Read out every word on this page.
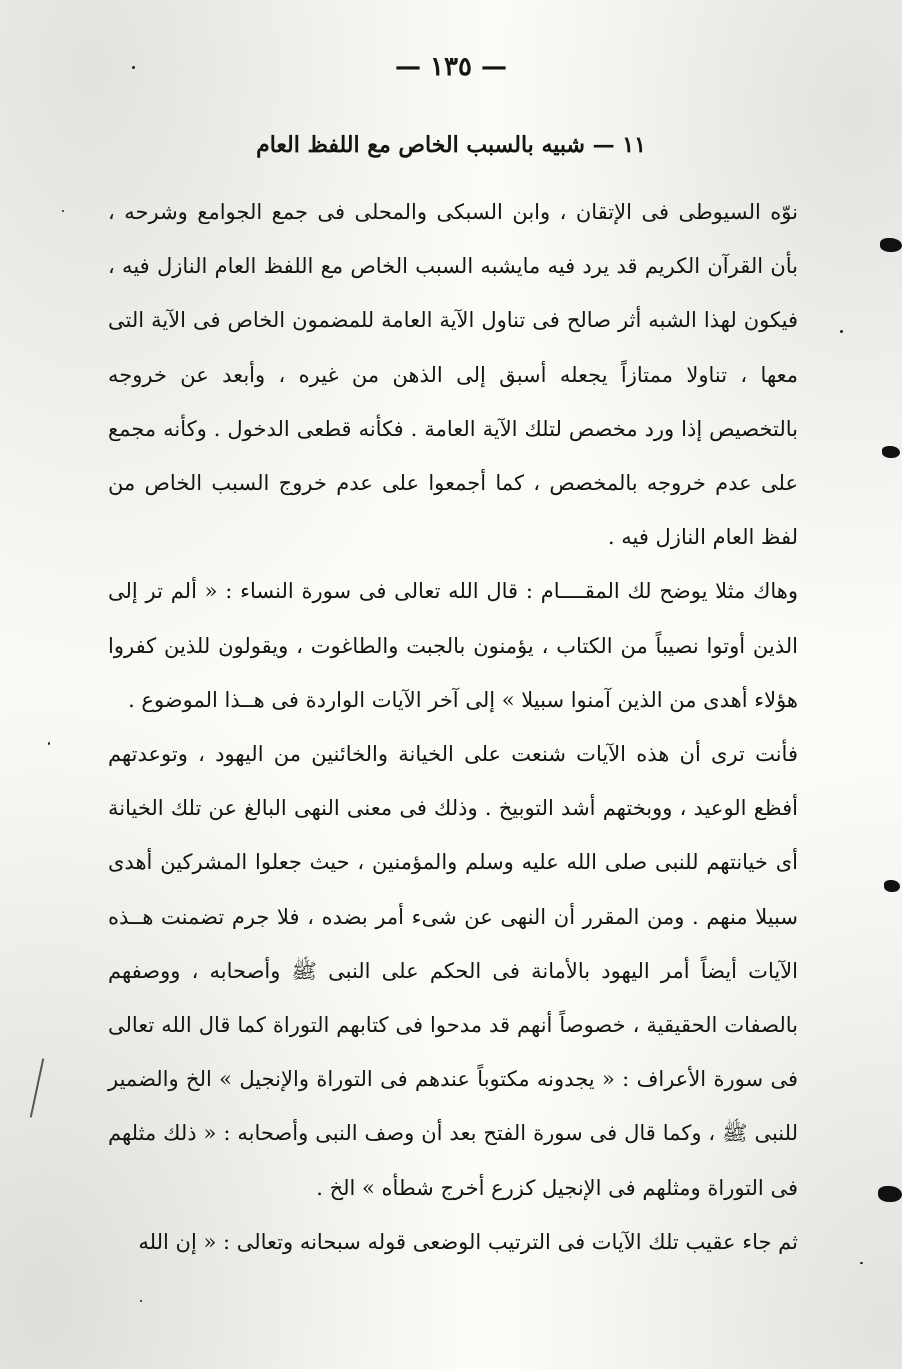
— ١٣٥ —
١١ — شبيه بالسبب الخاص مع اللفظ العام

نوّه السيوطى فى الإتقان ، وابن السبكى والمحلى فى جمع الجوامع وشرحه ، بأن القرآن الكريم قد يرد فيه مايشبه السبب الخاص مع اللفظ العام النازل فيه ، فيكون لهذا الشبه أثر صالح فى تناول الآية العامة للمضمون الخاص فى الآية التى معها ، تناولا ممتازاً يجعله أسبق إلى الذهن من غيره ، وأبعد عن خروجه بالتخصيص إذا ورد مخصص لتلك الآية العامة . فكأنه قطعى الدخول . وكأنه مجمع على عدم خروجه بالمخصص ، كما أجمعوا على عدم خروج السبب الخاص من لفظ العام النازل فيه .

وهاك مثلا يوضح لك المقــــام : قال الله تعالى فى سورة النساء : « ألم تر إلى الذين أوتوا نصيباً من الكتاب ، يؤمنون بالجبت والطاغوت ، ويقولون للذين كفروا هؤلاء أهدى من الذين آمنوا سبيلا » إلى آخر الآيات الواردة فى هــذا الموضوع .

فأنت ترى أن هذه الآيات شنعت على الخيانة والخائنين من اليهود ، وتوعدتهم أفظع الوعيد ، ووبختهم أشد التوبيخ . وذلك فى معنى النهى البالغ عن تلك الخيانة أى خيانتهم للنبى صلى الله عليه وسلم والمؤمنين ، حيث جعلوا المشركين أهدى سبيلا منهم . ومن المقرر أن النهى عن شىء أمر بضده ، فلا جرم تضمنت هــذه الآيات أيضاً أمر اليهود بالأمانة فى الحكم على النبى ﷺ وأصحابه ، ووصفهم بالصفات الحقيقية ، خصوصاً أنهم قد مدحوا فى كتابهم التوراة كما قال الله تعالى فى سورة الأعراف : « يجدونه مكتوباً عندهم فى التوراة والإنجيل » الخ والضمير للنبى ﷺ ، وكما قال فى سورة الفتح بعد أن وصف النبى وأصحابه : « ذلك مثلهم فى التوراة ومثلهم فى الإنجيل كزرع أخرج شطأه » الخ .

ثم جاء عقيب تلك الآيات فى الترتيب الوضعى قوله سبحانه وتعالى : « إن الله
